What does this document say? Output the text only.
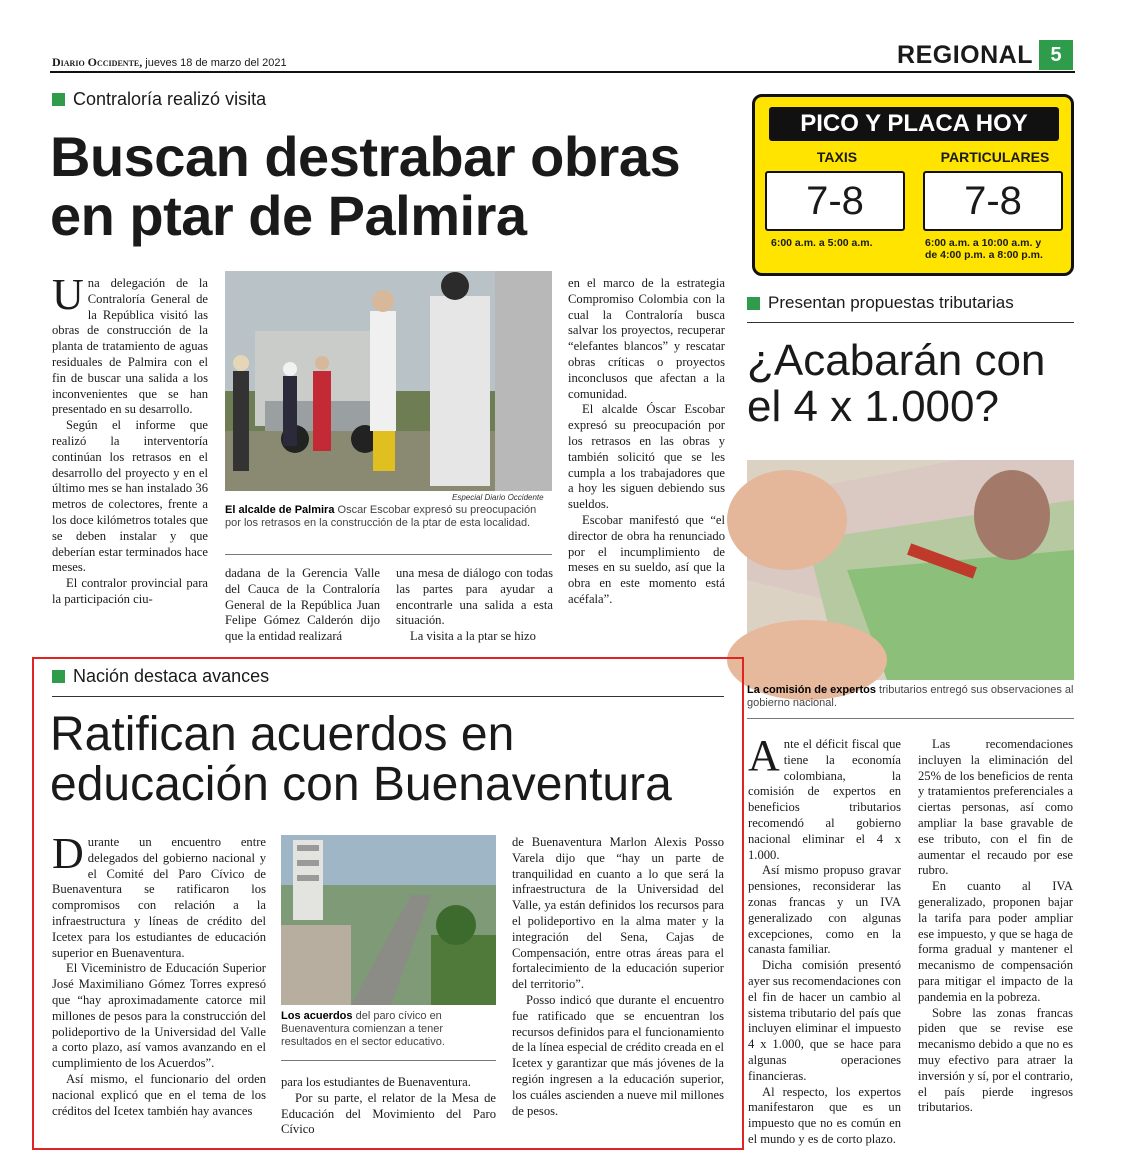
Diario Occidente, jueves 18 de marzo del 2021	REGIONAL 5
Contraloría realizó visita
Buscan destrabar obras en ptar de Palmira

Una delegación de la Contraloría General de la República visitó las obras de construcción de la planta de tratamiento de aguas residuales de Palmira con el fin de buscar una salida a los inconvenientes que se han presentado en su desarrollo.

Según el informe que realizó la interventoría continúan los retrasos en el desarrollo del proyecto y en el último mes se han instalado 36 metros de colectores, frente a los doce kilómetros totales que se deben instalar y que deberían estar terminados hace meses.

El contralor provincial para la participación ciu-

Especial Diario Occidente
El alcalde de Palmira Oscar Escobar expresó su preocupación por los retrasos en la construcción de la ptar de esta localidad.

dadana de la Gerencia Valle del Cauca de la Contraloría General de la República Juan Felipe Gómez Calderón dijo que la entidad realizará

una mesa de diálogo con todas las partes para ayudar a encontrarle una salida a esta situación.

La visita a la ptar se hizo

en el marco de la estrategia Compromiso Colombia con la cual la Contraloría busca salvar los proyectos, recuperar “elefantes blancos” y rescatar obras críticas o proyectos inconclusos que afectan a la comunidad.

El alcalde Óscar Escobar expresó su preocupación por los retrasos en las obras y también solicitó que se les cumpla a los trabajadores que a hoy les siguen debiendo sus sueldos.

Escobar manifestó que “el director de obra ha renunciado por el incumplimiento de meses en su sueldo, así que la obra en este momento está acéfala”.

PICO Y PLACA HOY
TAXIS	PARTICULARES
7-8	7-8
6:00 a.m. a 5:00 a.m.	6:00 a.m. a 10:00 a.m. y
de 4:00 p.m. a 8:00 p.m.
Presentan propuestas tributarias
¿Acabarán con el 4 x 1.000?
La comisión de expertos tributarios entregó sus observaciones al gobierno nacional.

Ante el déficit fiscal que tiene la economía colombiana, la comisión de expertos en beneficios tributarios recomendó al gobierno nacional eliminar el 4 x 1.000.

Así mismo propuso gravar pensiones, reconsiderar las zonas francas y un IVA generalizado con algunas excepciones, como en la canasta familiar.

Dicha comisión presentó ayer sus recomendaciones con el fin de hacer un cambio al sistema tributario del país que incluyen eliminar el impuesto 4 x 1.000, que se hace para algunas operaciones financieras.

Al respecto, los expertos manifestaron que es un impuesto que no es común en el mundo y es de corto plazo.

Las recomendaciones incluyen la eliminación del 25% de los beneficios de renta y tratamientos preferenciales a ciertas personas, así como ampliar la base gravable de ese tributo, con el fin de aumentar el recaudo por ese rubro.

En cuanto al IVA generalizado, proponen bajar la tarifa para poder ampliar ese impuesto, y que se haga de forma gradual y mantener el mecanismo de compensación para mitigar el impacto de la pandemia en la pobreza.

Sobre las zonas francas piden que se revise ese mecanismo debido a que no es muy efectivo para atraer la inversión y sí, por el contrario, el país pierde ingresos tributarios.

Nación destaca avances
Ratifican acuerdos en educación con Buenaventura

Durante un encuentro entre delegados del gobierno nacional y el Comité del Paro Cívico de Buenaventura se ratificaron los compromisos con relación a la infraestructura y líneas de crédito del Icetex para los estudiantes de educación superior en Buenaventura.

El Viceministro de Educación Superior José Maximiliano Gómez Torres expresó que “hay aproximadamente catorce mil millones de pesos para la construcción del polideportivo de la Universidad del Valle a corto plazo, así vamos avanzando en el cumplimiento de los Acuerdos”.

Así mismo, el funcionario del orden nacional explicó que en el tema de los créditos del Icetex también hay avances

Los acuerdos del paro cívico en Buenaventura comienzan a tener resultados en el sector educativo.

para los estudiantes de Buenaventura.

Por su parte, el relator de la Mesa de Educación del Movimiento del Paro Cívico

de Buenaventura Marlon Alexis Posso Varela dijo que “hay un parte de tranquilidad en cuanto a lo que será la infraestructura de la Universidad del Valle, ya están definidos los recursos para el polideportivo en la alma mater y la integración del Sena, Cajas de Compensación, entre otras áreas para el fortalecimiento de la educación superior del territorio”.

Posso indicó que durante el encuentro fue ratificado que se encuentran los recursos definidos para el funcionamiento de la línea especial de crédito creada en el Icetex y garantizar que más jóvenes de la región ingresen a la educación superior, los cuáles ascienden a nueve mil millones de pesos.
